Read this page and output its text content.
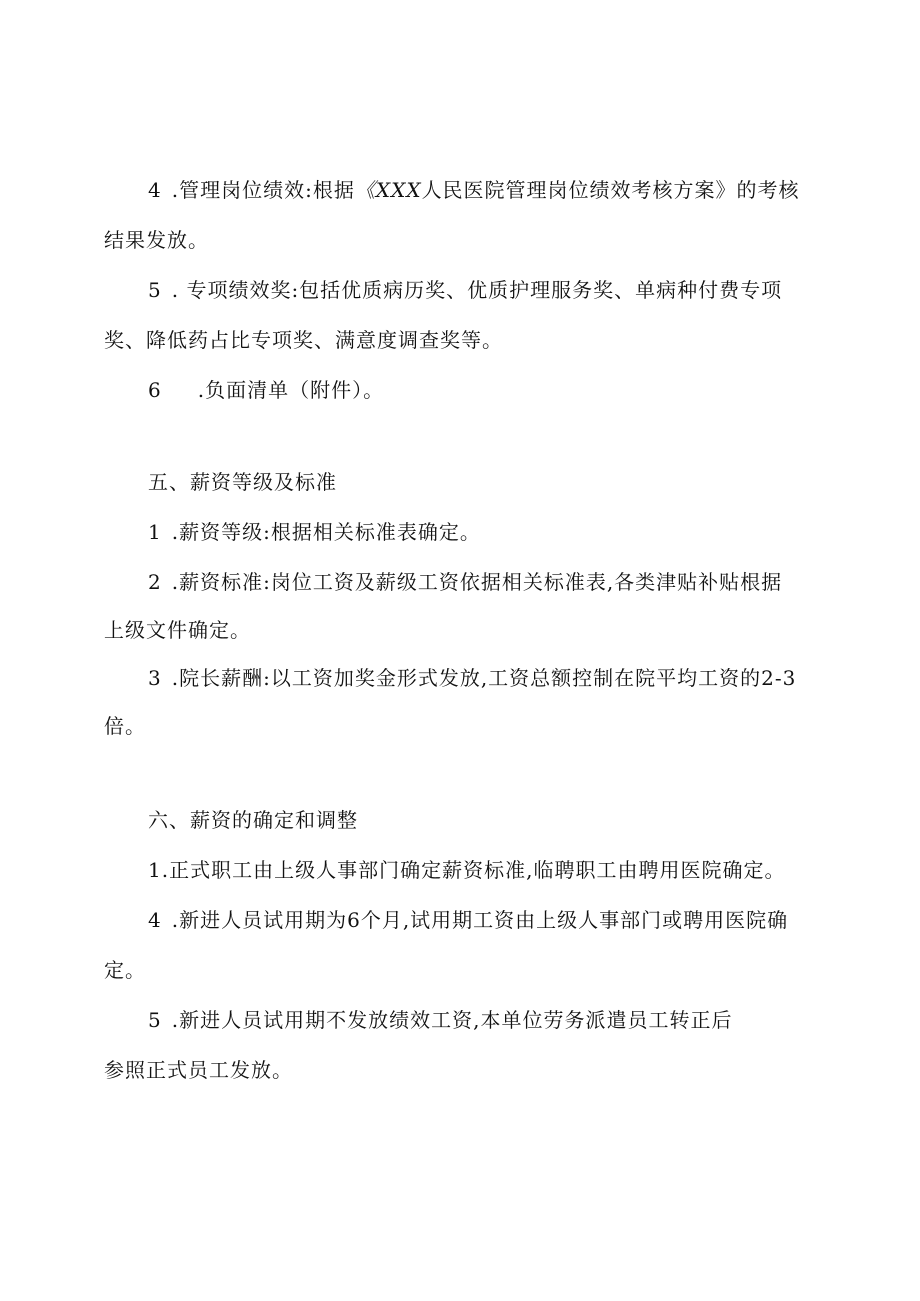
4 .管理岗位绩效:根据《XXX人民医院管理岗位绩效考核方案》的考核
结果发放。
5 . 专项绩效奖:包括优质病历奖、优质护理服务奖、单病种付费专项
奖、降低药占比专项奖、满意度调查奖等。
6 .负面清单（附件）。
五、薪资等级及标准
1 .薪资等级:根据相关标准表确定。
2 .薪资标准:岗位工资及薪级工资依据相关标准表,各类津贴补贴根据
上级文件确定。
3 .院长薪酬:以工资加奖金形式发放,工资总额控制在院平均工资的2-3
倍。
六、薪资的确定和调整
1.正式职工由上级人事部门确定薪资标准,临聘职工由聘用医院确定。
4 .新进人员试用期为6个月,试用期工资由上级人事部门或聘用医院确
定。
5 .新进人员试用期不发放绩效工资,本单位劳务派遣员工转正后
参照正式员工发放。
